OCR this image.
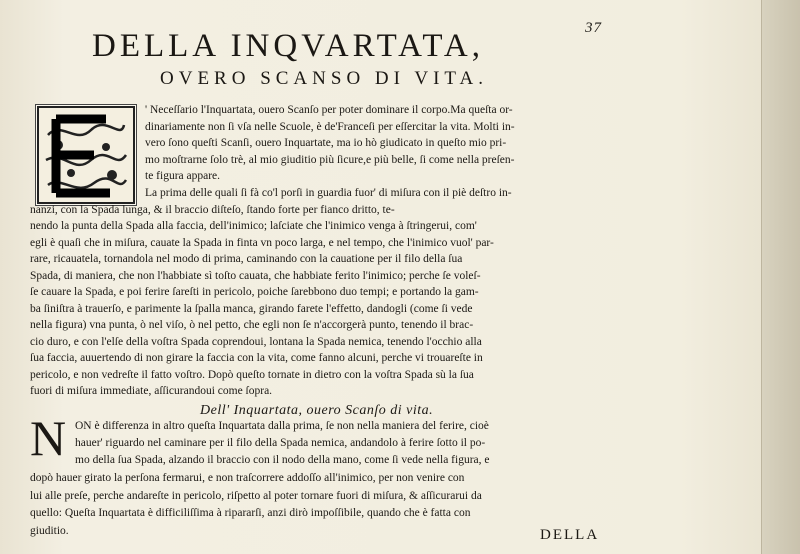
37
DELLA INQVARTATA,
OVERO SCANSO DI VITA.
E
' Neceſſario l'Inquartata, ouero Scanſo per poter dominare il corpo.Ma queſta or-
dinariamente non ſi vſa nelle Scuole, è de'Franceſi per eſſercitar la vita. Molti in-
vero ſono queſti Scanſi, ouero Inquartate, ma io hò giudicato in queſto mio pri-
mo moſtrarne ſolo trè, al mio giuditio più ſicure,e più belle, ſi come nella preſen-
te figura appare.
La prima delle quali ſi fà co'l porſi in guardia fuor' di miſura con il piè deſtro in-
nanzi, con la Spada lunga, & il braccio diſteſo, ſtando forte per fianco dritto, te-
nendo la punta della Spada alla faccia, dell'inimico; laſciate che l'inimico venga à ſtringerui, com'
egli è quaſi che in miſura, cauate la Spada in finta vn poco larga, e nel tempo, che l'inimico vuol' par-
rare, ricauatela, tornandola nel modo di prima, caminando con la cauatione per il filo della ſua
Spada, di maniera, che non l'habbiate sì toſto cauata, che habbiate ferito l'inimico; perche ſe voleſ-
ſe cauare la Spada, e poi ferire ſareſti in pericolo, poiche ſarebbono duo tempi; e portando la gam-
ba ſiniſtra à trauerſo, e parimente la ſpalla manca, girando farete l'effetto, dandogli (come ſi vede
nella figura) vna punta, ò nel viſo, ò nel petto, che egli non ſe n'accorgerà punto, tenendo il brac-
cio duro, e con l'elſe della voſtra Spada coprendoui, lontana la Spada nemica, tenendo l'occhio alla
ſua faccia, auuertendo di non girare la faccia con la vita, come fanno alcuni, perche vi trouareſte in
pericolo, e non vedreſte il fatto voſtro. Dopò queſto tornate in dietro con la voſtra Spada sù la ſua
fuori di miſura immediate, aſſicurandoui come ſopra.
Dell' Inquartata, ouero Scanſo di vita.
N ON è differenza in altro queſta Inquartata dalla prima, ſe non nella maniera del ferire, cioè
hauer' riguardo nel caminare per il filo della Spada nemica, andandolo à ferire ſotto il po-
mo della ſua Spada, alzando il braccio con il nodo della mano, come ſi vede nella figura, e
dopò hauer girato la perſona fermarui, e non traſcorrere addoſſo all'inimico, per non venire con
lui alle preſe, perche andareſte in pericolo, riſpetto al poter tornare fuori di miſura, & aſſicurarui da
quello: Queſta Inquartata è difficiliſſima à ripararſi, anzi dirò impoſſibile, quando che è fatta con
giuditio.	DELLA
